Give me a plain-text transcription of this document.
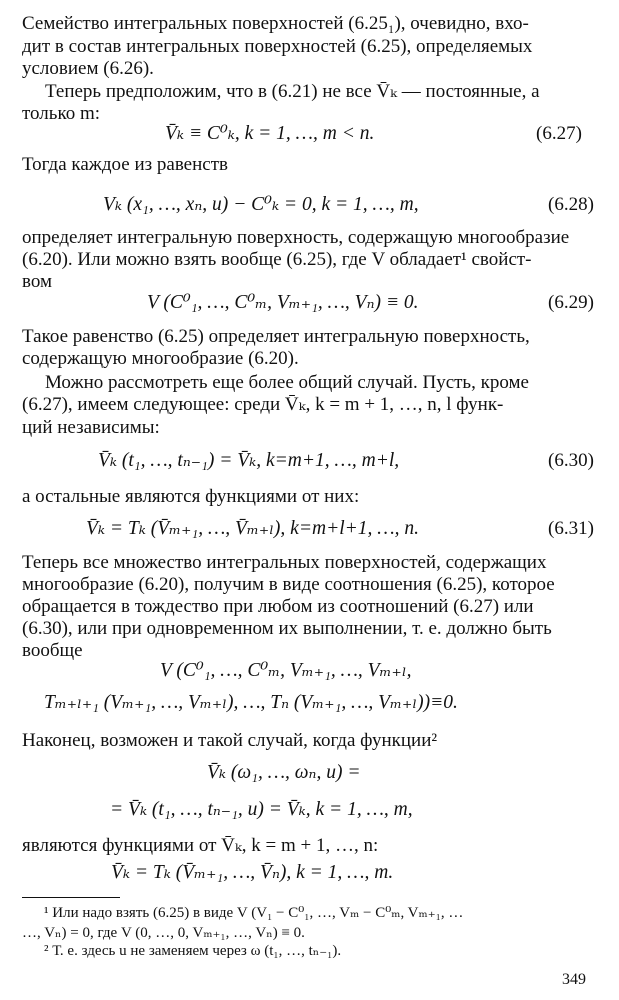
Семейство интегральных поверхностей (6.25₁), очевидно, вхо-
дит в состав интегральных поверхностей (6.25), определяемых
условием (6.26).
Теперь предположим, что в (6.21) не все V̄ₖ — постоянные, а
только m:
V̄ₖ ≡ C⁰ₖ, k = 1, …, m < n.	(6.27)
Тогда каждое из равенств
Vₖ (x₁, …, xₙ, u) − C⁰ₖ = 0, k = 1, …, m,	(6.28)
определяет интегральную поверхность, содержащую многообразие
(6.20). Или можно взять вообще (6.25), где V обладает¹ свойст-
вом
V (C⁰₁, …, C⁰ₘ, Vₘ₊₁, …, Vₙ) ≡ 0.	(6.29)
Такое равенство (6.25) определяет интегральную поверхность,
содержащую многообразие (6.20).
Можно рассмотреть еще более общий случай. Пусть, кроме
(6.27), имеем следующее: среди V̄ₖ, k = m + 1, …, n, l функ-
ций независимы:
V̄ₖ (t₁, …, tₙ₋₁) = V̄ₖ, k=m+1, …, m+l,	(6.30)
а остальные являются функциями от них:
V̄ₖ = Tₖ (V̄ₘ₊₁, …, V̄ₘ₊ₗ), k=m+l+1, …, n.	(6.31)
Теперь все множество интегральных поверхностей, содержащих
многообразие (6.20), получим в виде соотношения (6.25), которое
обращается в тождество при любом из соотношений (6.27) или
(6.30), или при одновременном их выполнении, т. е. должно быть
вообще
V (C⁰₁, …, C⁰ₘ, Vₘ₊₁, …, Vₘ₊ₗ,
Tₘ₊ₗ₊₁ (Vₘ₊₁, …, Vₘ₊ₗ), …, Tₙ (Vₘ₊₁, …, Vₘ₊ₗ))≡0.
Наконец, возможен и такой случай, когда функции²
V̄ₖ (ω₁, …, ωₙ, u) =
= V̄ₖ (t₁, …, tₙ₋₁, u) = V̄ₖ, k = 1, …, m,
являются функциями от V̄ₖ, k = m + 1, …, n:
V̄ₖ = Tₖ (V̄ₘ₊₁, …, V̄ₙ), k = 1, …, m.
¹ Или надо взять (6.25) в виде V (V₁ − C⁰₁, …, Vₘ − C⁰ₘ, Vₘ₊₁, …
…, Vₙ) = 0, где V (0, …, 0, Vₘ₊₁, …, Vₙ) ≡ 0.
² Т. е. здесь u не заменяем через ω (t₁, …, tₙ₋₁).
349
